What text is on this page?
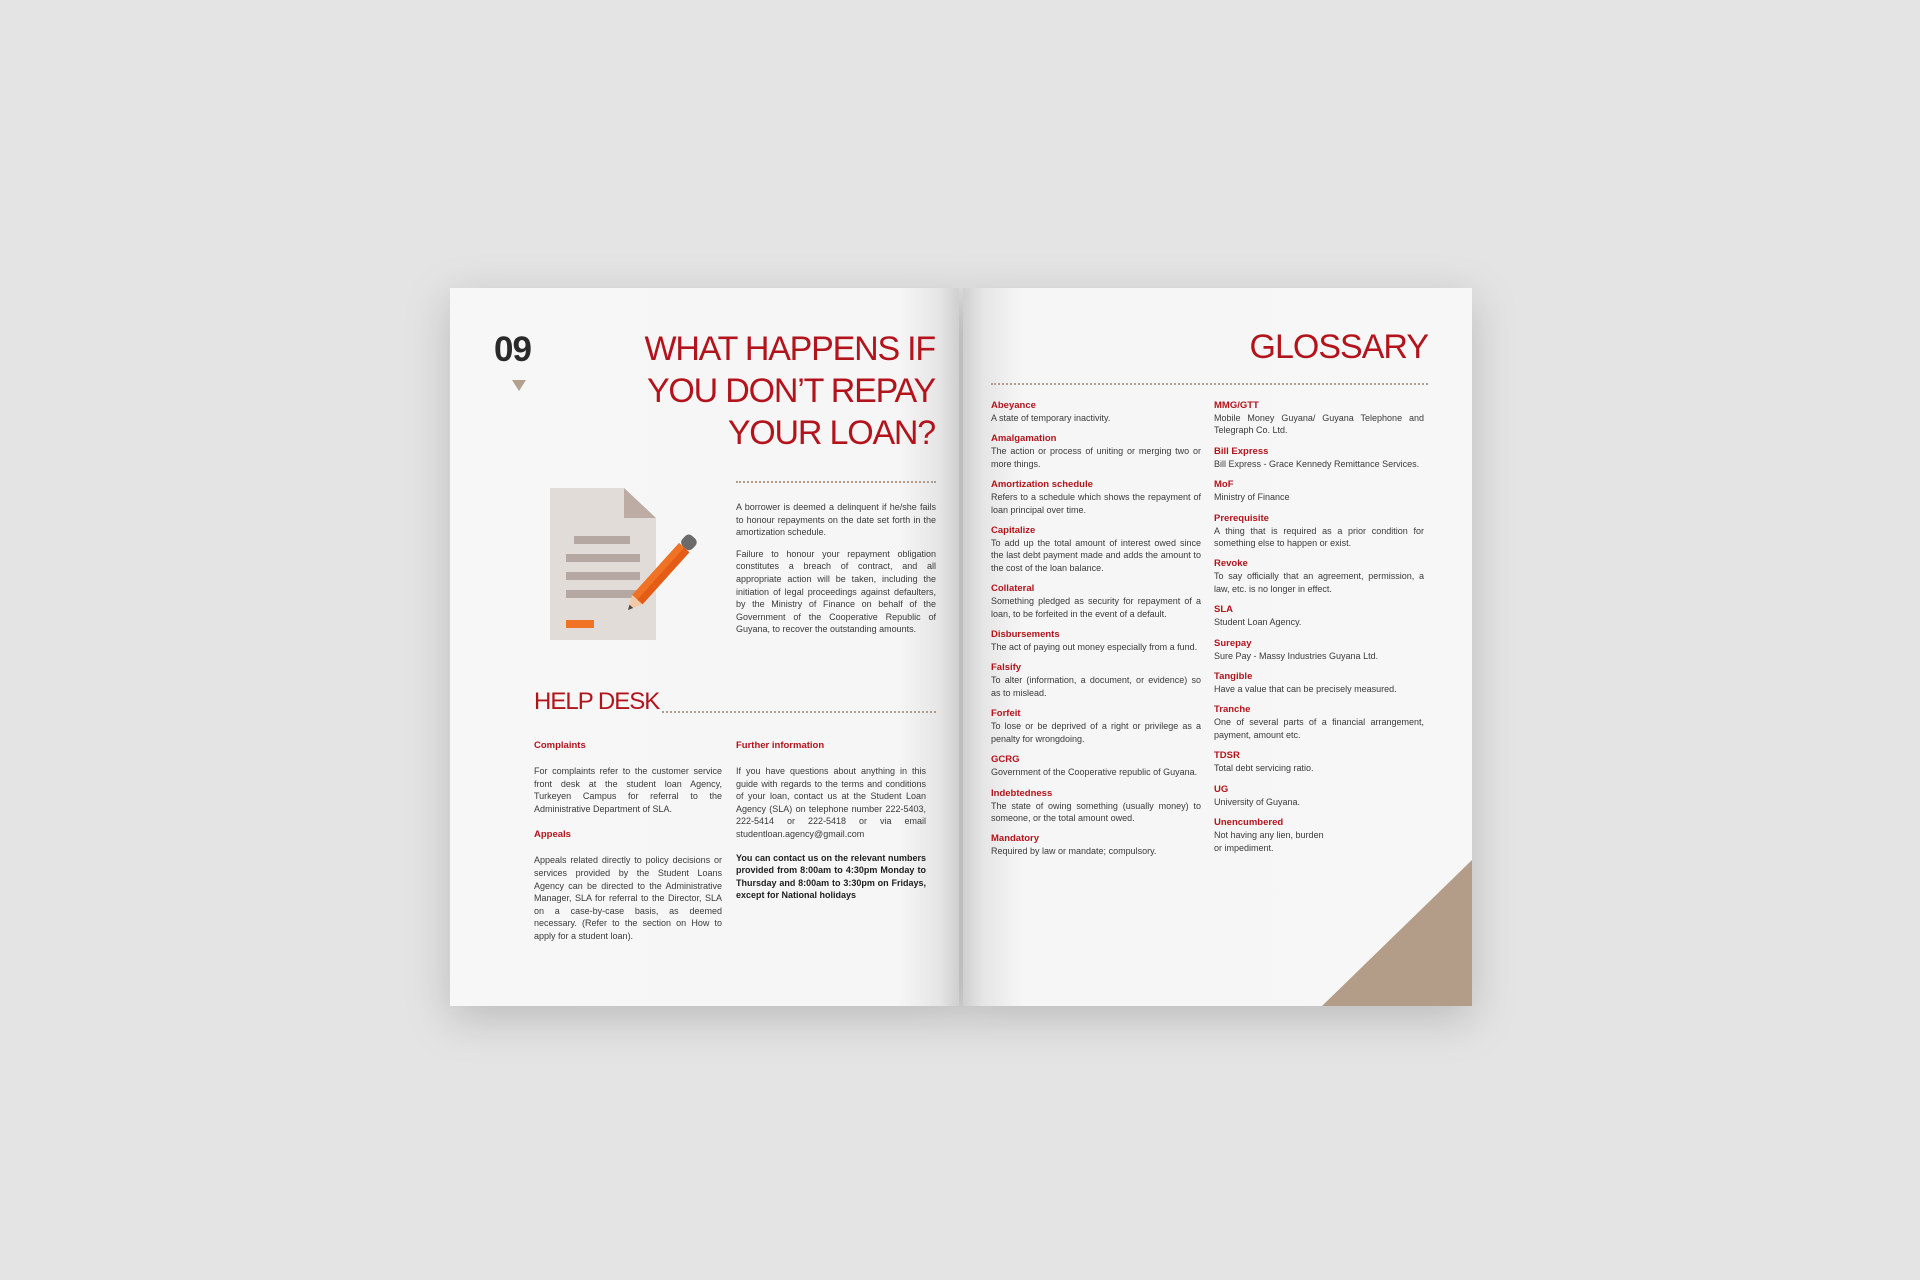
09	WHAT HAPPENS IF
YOU DON’T REPAY
YOUR LOAN?

A borrower is deemed a delinquent if he/she fails to honour repayments on the date set forth in the amortization schedule.

Failure to honour your repayment obligation constitutes a breach of contract, and all appropriate action will be taken, including the initiation of legal proceedings against defaulters, by the Ministry of Finance on behalf of the Government of the Cooperative Republic of Guyana, to recover the outstanding amounts.

HELP DESK
Complaints
For complaints refer to the customer service front desk at the student loan Agency, Turkeyen Campus for referral to the Administrative Department of SLA.
Appeals
Appeals related directly to policy decisions or services provided by the Student Loans Agency can be directed to the Administrative Manager, SLA for referral to the Director, SLA on a case-by-case basis, as deemed necessary. (Refer to the section on How to apply for a student loan).
Further information
If you have questions about anything in this guide with regards to the terms and conditions of your loan, contact us at the Student Loan Agency (SLA) on telephone number 222-5403, 222-5414 or 222-5418 or via email studentloan.agency@gmail.com
You can contact us on the relevant numbers provided from 8:00am to 4:30pm Monday to Thursday and 8:00am to 3:30pm on Fridays, except for National holidays
GLOSSARY
Abeyance
A state of temporary inactivity.
Amalgamation
The action or process of uniting or merging two or more things.
Amortization schedule
Refers to a schedule which shows the repayment of loan principal over time.
Capitalize
To add up the total amount of interest owed since the last debt payment made and adds the amount to the cost of the loan balance.
Collateral
Something pledged as security for repayment of a loan, to be forfeited in the event of a default.
Disbursements
The act of paying out money especially from a fund.
Falsify
To alter (information, a document, or evidence) so as to mislead.
Forfeit
To lose or be deprived of a right or privilege as a penalty for wrongdoing.
GCRG
Government of the Cooperative republic of Guyana.
Indebtedness
The state of owing something (usually money) to someone, or the total amount owed.
Mandatory
Required by law or mandate; compulsory.
MMG/GTT
Mobile Money Guyana/ Guyana Telephone and Telegraph Co. Ltd.
Bill Express
Bill Express - Grace Kennedy Remittance Services.
MoF
Ministry of Finance
Prerequisite
A thing that is required as a prior condition for something else to happen or exist.
Revoke
To say officially that an agreement, permission, a law, etc. is no longer in effect.
SLA
Student Loan Agency.
Surepay
Sure Pay - Massy Industries Guyana Ltd.
Tangible
Have a value that can be precisely measured.
Tranche
One of several parts of a financial arrangement, payment, amount etc.
TDSR
Total debt servicing ratio.
UG
University of Guyana.
Unencumbered
Not having any lien, burden or impediment.
